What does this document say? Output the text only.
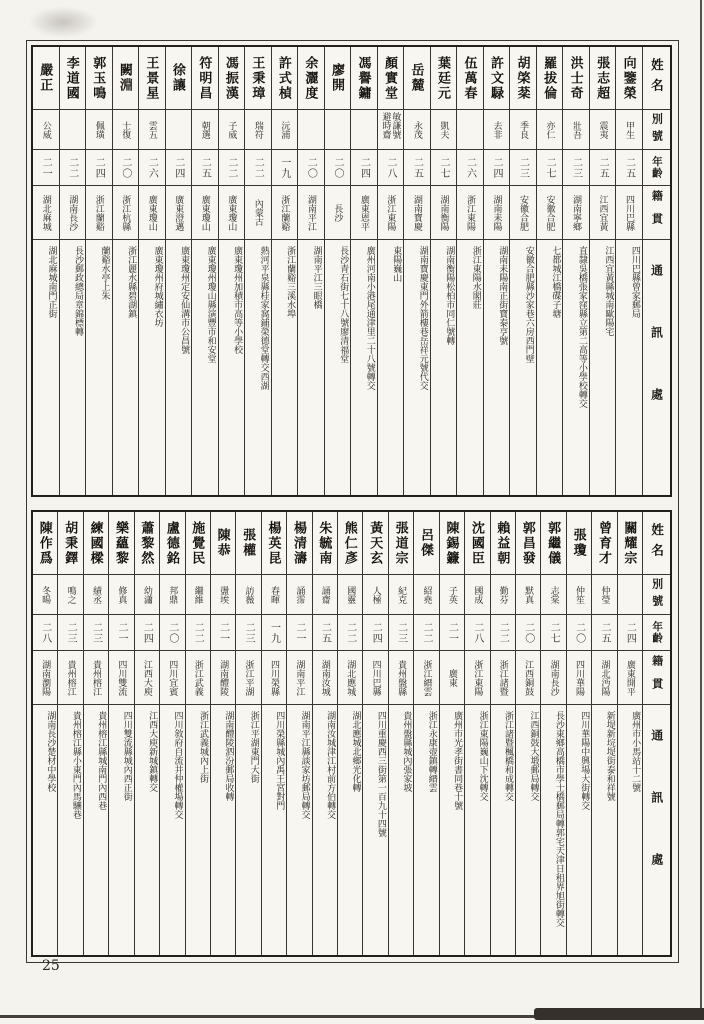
嚴正
公威
二一
湖北麻城
湖北麻城南門正街
李道國
二二
湖南長沙
長沙郵政總局章錦標轉
郭玉鳴
佩璜
二四
浙江蘭谿
蘭谿水亭上朱
闕淵
士復
二〇
浙江杭縣
浙江麗水縣碧湖鎮
王景星
雲五
二六
廣東瓊山
廣東瓊州府城繡衣坊
徐讓
二四
廣東澄邁
廣東瓊州定安仙溝市公昌號
符明昌
朝選
二五
廣東瓊山
廣東瓊州瓊山縣演豐市和安堂
馮振漢
子威
二二
廣東瓊山
廣東瓊州加積市高等小學校
王秉璋
瑞符
二二
內蒙古
熱河平泉縣桂家窩鋪榮德堂轉交西湖
許式楨
沅浦
一九
浙江蘭谿
浙江蘭谿三溪水埠
余灑度
二〇
湖南平江
湖南平江三眼橋
廖開
二〇
長沙
長沙青石街七十八號廖清福堂
馮譽鏞
二四
廣東恩平
廣州河南小港尾通津里二十八號轉交
顏實堂
敏謙號避時齋
二八
浙江東陽
東陽巍山
岳麓
永茂
二五
湖南寶慶
湖南寶慶東門外箭樓巷岳祥元號代交
葉廷元
凱夫
二七
湖南衡陽
湖南衡陽松柏市同仁號轉
伍萬春
二六
浙江東陽
浙江東陽水閣莊
許文騄
去非
二四
湖南耒陽
湖南耒陽南正街寶泰亨號
胡棨棻
季良
二三
安徽合肥
安徽合肥縣沙家巷六房西門壁
羅拔倫
亦仁
二七
安徽合肥
七都城江橋碟子塘
洪士奇
壯吾
二三
湖南寧鄉
直隸吳橋張家窪縣立第二高等小學校轉交
張志超
震夷
二五
江西宜黃
江西宜黃縣城南歐陽宅
向鑒榮
甲生
二五
四川巴縣
四川巴縣曾家郵局
姓名
別號
年齡
籍貫
通訊處
陳作爲
冬暘
二八
湖南瀏陽
湖南長沙楚材中學校
胡秉鐸
鳴之
二三
貴州榕江
貴州榕江縣小東門內馬驤巷
練國樑
績丞
二三
貴州榕江
貴州榕江縣城南門內西巷
樂蘊黎
修真
二一
四川雙流
四川雙流縣城內西正街
蕭黎然
幼瀟
二四
江西大庾
江西大庾新城鎮轉交
盧德銘
邦鼎
二〇
四川宜賓
四川敘府自流井仲權場轉交
施覺民
繼維
二二
浙江武義
浙江武義城內上街
陳恭
盪埃
二一
湖南醴陵
湖南醴陵泗汾郵局收轉
張權
訪薇
二三
浙江平湖
浙江平湖東門大街
楊英昆
春暉
一九
四川榮縣
四川榮縣城內禹王宮對門
楊清濤
誦霈
二一
湖南平江
湖南平江縣談家坊郵局轉交
朱毓南
誦齋
二五
湖南汝城
湖南汝城津江村前方伯轉交
熊仁彥
國靈
二二
湖北應城
湖北應城北鄉光化轉
黃天玄
人極
二四
四川巴縣
四川重慶西三街第一百九十四號
張道宗
紀克
二三
貴州盤縣
貴州盤縣城內張家坡
呂傑
紹堯
二二
浙江縉雲
浙江永康壺鎮轉縉雲
陳錫鐮
子英
二一
廣東
廣州市光孝街書同巷十號
沈國臣
國成
二八
浙江東陽
浙江東陽巍山下沈轉交
賴益朝
勤芬
二二
浙江諸暨
浙江諸暨楓橋和成轉交
郭昌發
默真
二〇
江西銅鼓
江西銅鼓大塅郵局轉交
郭繼儀
志棠
二七
湖南長沙
長沙東鄉高橋市學士橋郵局轉郭宅天津日租界旭街轉交
張瓊
仲笙
二〇
四川華陽
四川華陽中興場大街轉交
曾育才
仲瑩
二五
湖北沔陽
新堤新垸堤街泰和祥號
關耀宗
二四
廣東開平
廣州市小馬站十二號
姓名
別號
年齡
籍貫
通訊處
25
